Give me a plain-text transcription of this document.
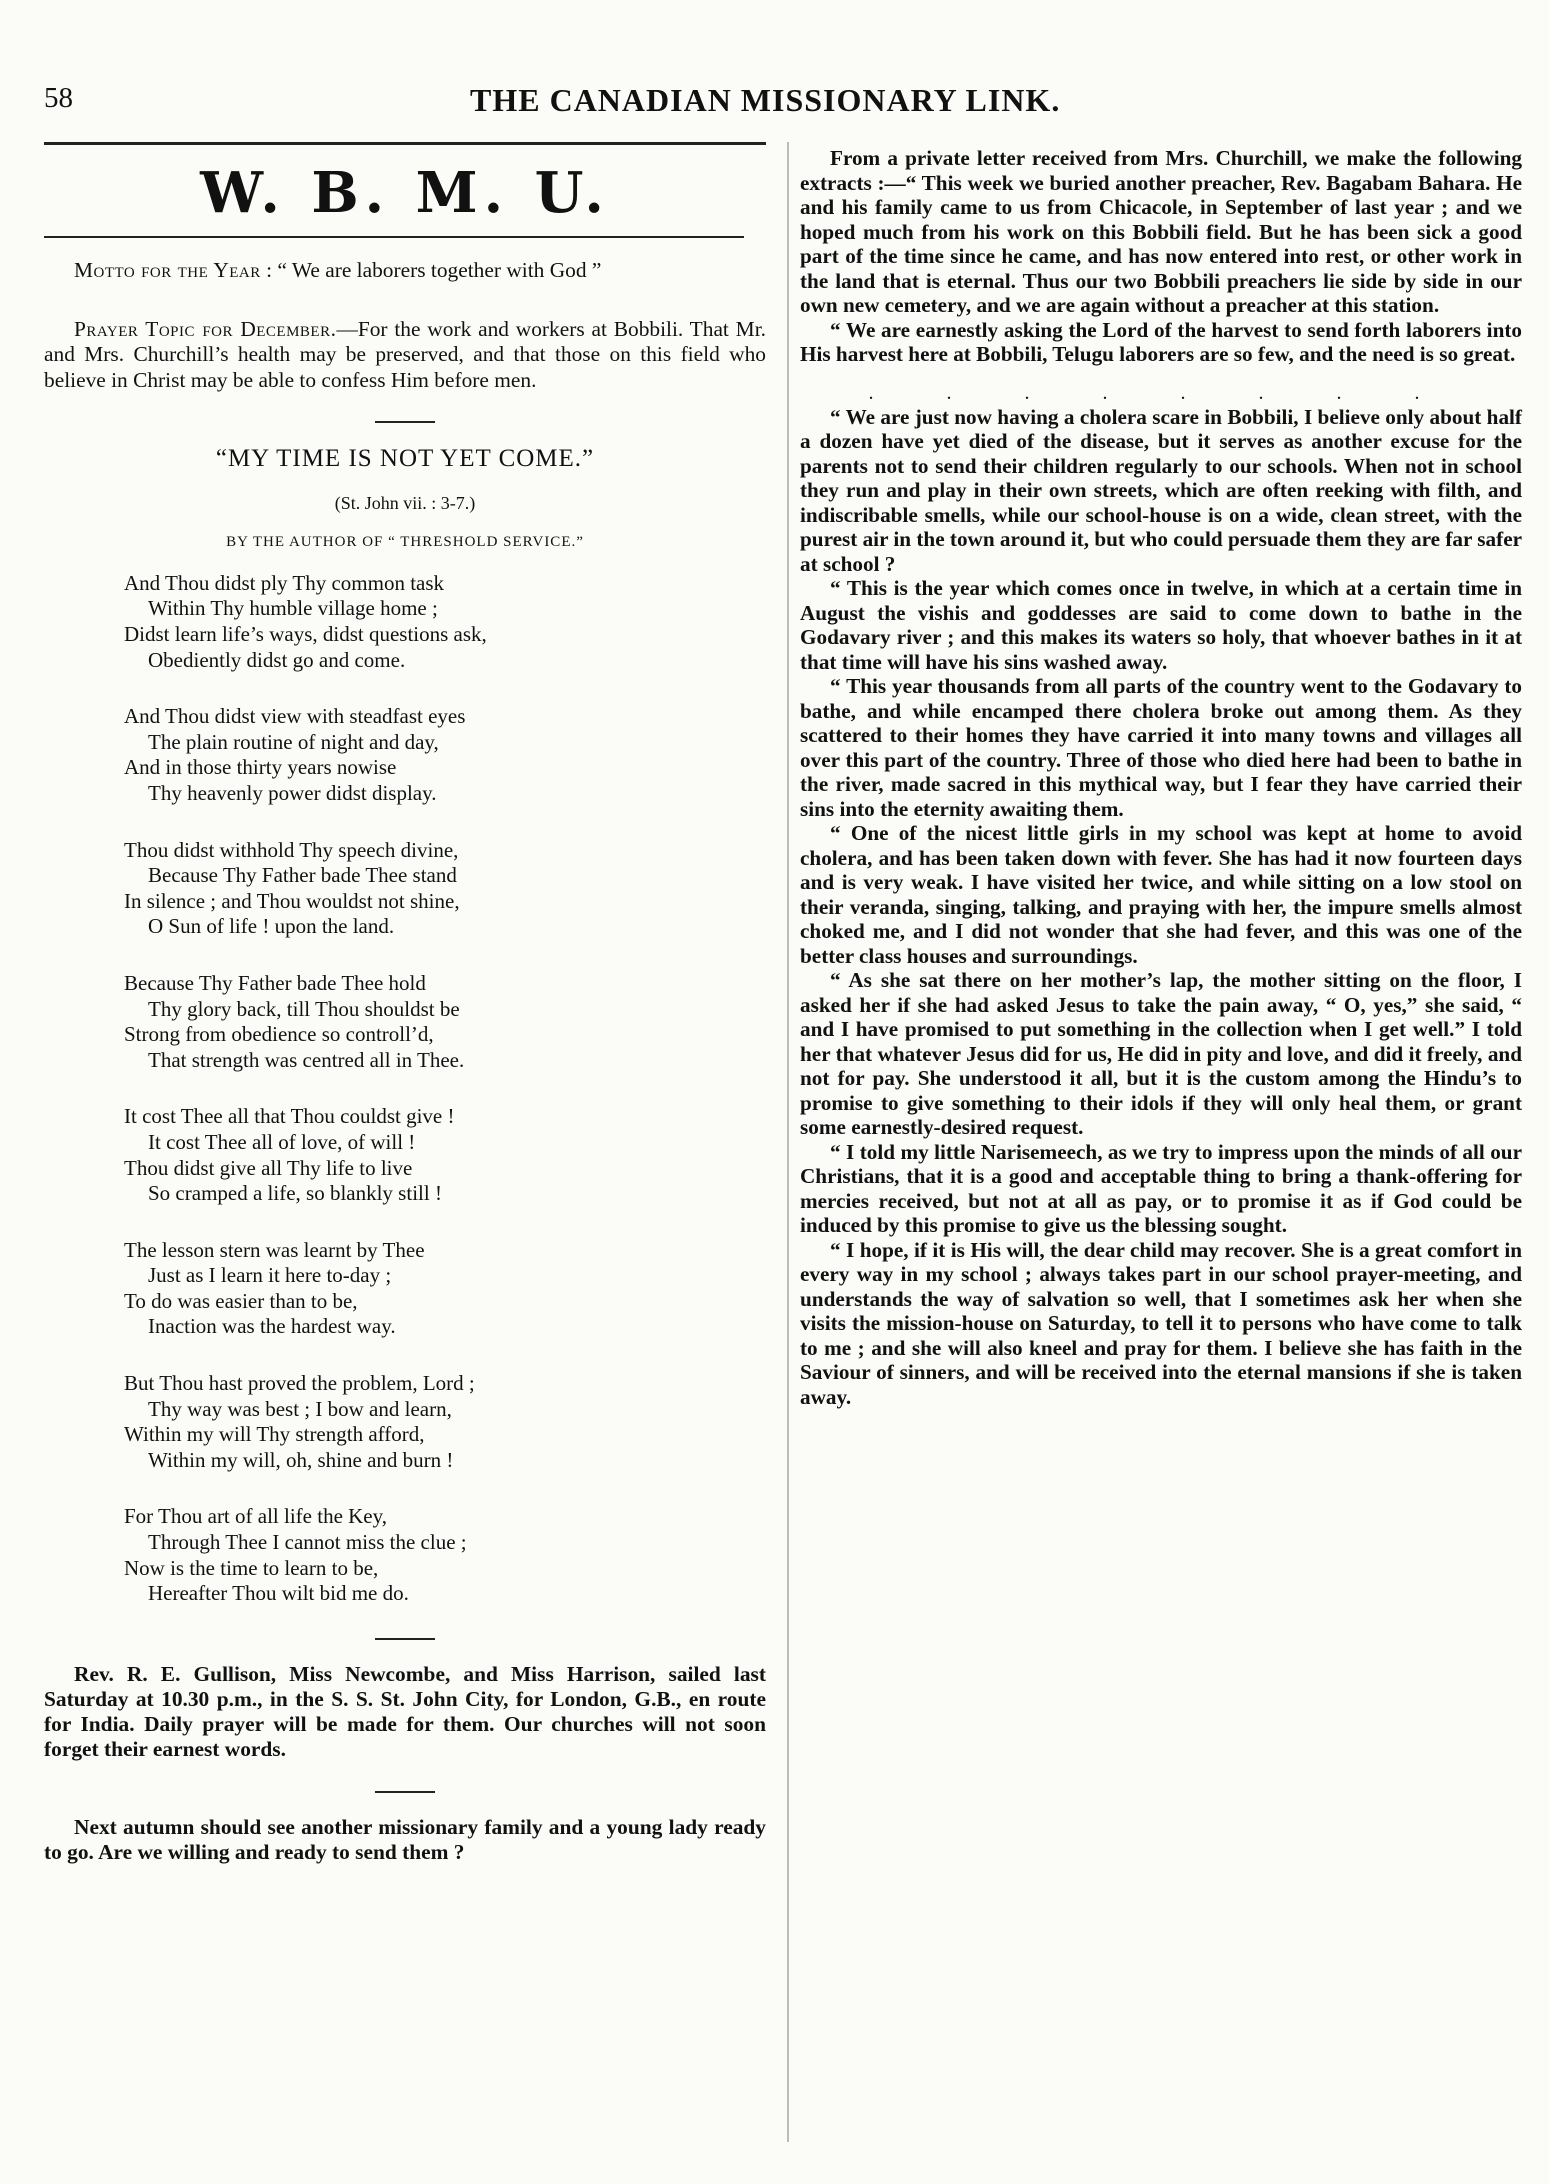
58	THE CANADIAN MISSIONARY LINK.
W. B. M. U.

Motto for the Year : “ We are laborers together with God ”

Prayer Topic for December.—For the work and workers at Bobbili. That Mr. and Mrs. Churchill’s health may be preserved, and that those on this field who believe in Christ may be able to confess Him before men.

“MY TIME IS NOT YET COME.”
(St. John vii. : 3-7.)
BY THE AUTHOR OF “ THRESHOLD SERVICE.”
And Thou didst ply Thy common task
Within Thy humble village home ;
Didst learn life’s ways, didst questions ask,
Obediently didst go and come.
And Thou didst view with steadfast eyes
The plain routine of night and day,
And in those thirty years nowise
Thy heavenly power didst display.
Thou didst withhold Thy speech divine,
Because Thy Father bade Thee stand
In silence ; and Thou wouldst not shine,
O Sun of life ! upon the land.
Because Thy Father bade Thee hold
Thy glory back, till Thou shouldst be
Strong from obedience so controll’d,
That strength was centred all in Thee.
It cost Thee all that Thou couldst give !
It cost Thee all of love, of will !
Thou didst give all Thy life to live
So cramped a life, so blankly still !
The lesson stern was learnt by Thee
Just as I learn it here to-day ;
To do was easier than to be,
Inaction was the hardest way.
But Thou hast proved the problem, Lord ;
Thy way was best ; I bow and learn,
Within my will Thy strength afford,
Within my will, oh, shine and burn !
For Thou art of all life the Key,
Through Thee I cannot miss the clue ;
Now is the time to learn to be,
Hereafter Thou wilt bid me do.

Rev. R. E. Gullison, Miss Newcombe, and Miss Harrison, sailed last Saturday at 10.30 p.m., in the S. S. St. John City, for London, G.B., en route for India. Daily prayer will be made for them. Our churches will not soon forget their earnest words.

Next autumn should see another missionary family and a young lady ready to go. Are we willing and ready to send them ?

From a private letter received from Mrs. Churchill, we make the following extracts :—“ This week we buried another preacher, Rev. Bagabam Bahara. He and his family came to us from Chicacole, in September of last year ; and we hoped much from his work on this Bobbili field. But he has been sick a good part of the time since he came, and has now entered into rest, or other work in the land that is eternal. Thus our two Bobbili preachers lie side by side in our own new cemetery, and we are again without a preacher at this station.

“ We are earnestly asking the Lord of the harvest to send forth laborers into His harvest here at Bobbili, Telugu laborers are so few, and the need is so great.

. . . . . . . .

“ We are just now having a cholera scare in Bobbili, I believe only about half a dozen have yet died of the disease, but it serves as another excuse for the parents not to send their children regularly to our schools. When not in school they run and play in their own streets, which are often reeking with filth, and indiscribable smells, while our school-house is on a wide, clean street, with the purest air in the town around it, but who could persuade them they are far safer at school ?

“ This is the year which comes once in twelve, in which at a certain time in August the vishis and goddesses are said to come down to bathe in the Godavary river ; and this makes its waters so holy, that whoever bathes in it at that time will have his sins washed away.

“ This year thousands from all parts of the country went to the Godavary to bathe, and while encamped there cholera broke out among them. As they scattered to their homes they have carried it into many towns and villages all over this part of the country. Three of those who died here had been to bathe in the river, made sacred in this mythical way, but I fear they have carried their sins into the eternity awaiting them.

“ One of the nicest little girls in my school was kept at home to avoid cholera, and has been taken down with fever. She has had it now fourteen days and is very weak. I have visited her twice, and while sitting on a low stool on their veranda, singing, talking, and praying with her, the impure smells almost choked me, and I did not wonder that she had fever, and this was one of the better class houses and surroundings.

“ As she sat there on her mother’s lap, the mother sitting on the floor, I asked her if she had asked Jesus to take the pain away, “ O, yes,” she said, “ and I have promised to put something in the collection when I get well.” I told her that whatever Jesus did for us, He did in pity and love, and did it freely, and not for pay. She understood it all, but it is the custom among the Hindu’s to promise to give something to their idols if they will only heal them, or grant some earnestly-desired request.

“ I told my little Narisemeech, as we try to impress upon the minds of all our Christians, that it is a good and acceptable thing to bring a thank-offering for mercies received, but not at all as pay, or to promise it as if God could be induced by this promise to give us the blessing sought.

“ I hope, if it is His will, the dear child may recover. She is a great comfort in every way in my school ; always takes part in our school prayer-meeting, and understands the way of salvation so well, that I sometimes ask her when she visits the mission-house on Saturday, to tell it to persons who have come to talk to me ; and she will also kneel and pray for them. I believe she has faith in the Saviour of sinners, and will be received into the eternal mansions if she is taken away.
